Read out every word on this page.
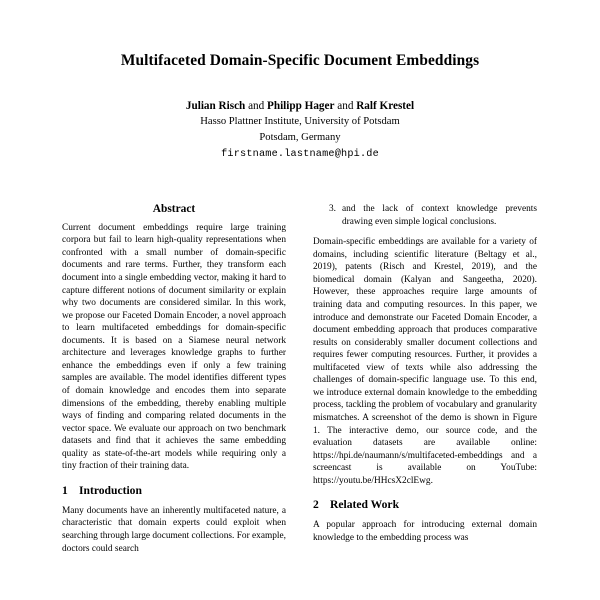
Multifaceted Domain-Specific Document Embeddings
Julian Risch and Philipp Hager and Ralf Krestel
Hasso Plattner Institute, University of Potsdam
Potsdam, Germany
firstname.lastname@hpi.de
Abstract

Current document embeddings require large training corpora but fail to learn high-quality representations when confronted with a small number of domain-specific documents and rare terms. Further, they transform each document into a single embedding vector, making it hard to capture different notions of document similarity or explain why two documents are considered similar. In this work, we propose our Faceted Domain Encoder, a novel approach to learn multifaceted embeddings for domain-specific documents. It is based on a Siamese neural network architecture and leverages knowledge graphs to further enhance the embeddings even if only a few training samples are available. The model identifies different types of domain knowledge and encodes them into separate dimensions of the embedding, thereby enabling multiple ways of finding and comparing related documents in the vector space. We evaluate our approach on two benchmark datasets and find that it achieves the same embedding quality as state-of-the-art models while requiring only a tiny fraction of their training data.

1 Introduction

Many documents have an inherently multifaceted nature, a characteristic that domain experts could exploit when searching through large document collections. For example, doctors could search

3. and the lack of context knowledge prevents drawing even simple logical conclusions.

Domain-specific embeddings are available for a variety of domains, including scientific literature (Beltagy et al., 2019), patents (Risch and Krestel, 2019), and the biomedical domain (Kalyan and Sangeetha, 2020). However, these approaches require large amounts of training data and computing resources. In this paper, we introduce and demonstrate our Faceted Domain Encoder, a document embedding approach that produces comparative results on considerably smaller document collections and requires fewer computing resources. Further, it provides a multifaceted view of texts while also addressing the challenges of domain-specific language use. To this end, we introduce external domain knowledge to the embedding process, tackling the problem of vocabulary and granularity mismatches. A screenshot of the demo is shown in Figure 1. The interactive demo, our source code, and the evaluation datasets are available online: https://hpi.de/naumann/s/multifaceted-embeddings and a screencast is available on YouTube: https://youtu.be/HHcsX2clEwg.

2 Related Work

A popular approach for introducing external domain knowledge to the embedding process was
